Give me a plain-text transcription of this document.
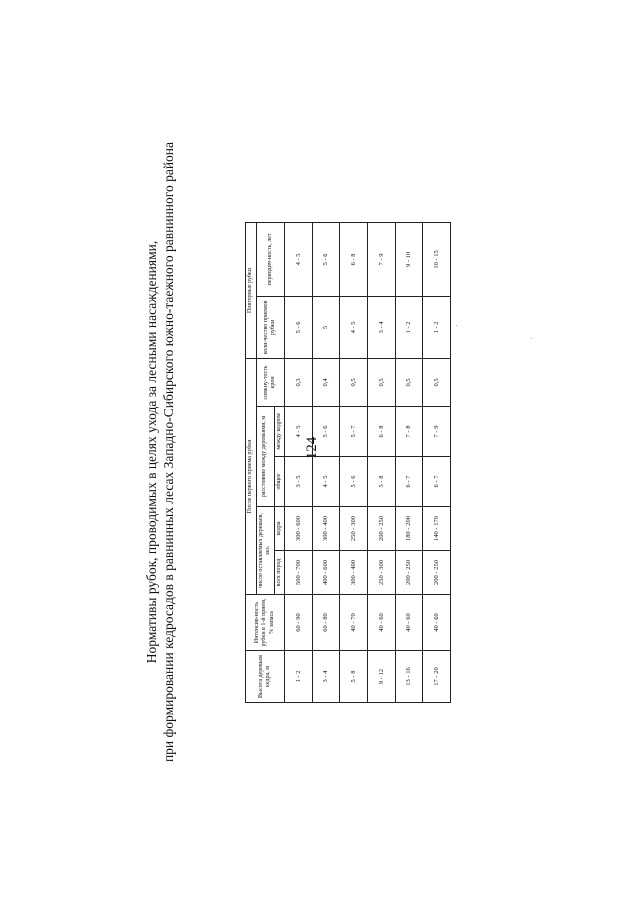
124
Нормативы рубок, проводимых в целях ухода за лесными насаждениями, при формировании кедросадов в равнинных лесах Западно-Сибирского южно-таежного равнинного района	Высота деревьев кедра, м	Интенсив-ность рубки в 1-й прием, % запаса	После первого приема рубки					Повторные рубки	
		число оставляемых деревьев, экз.		расстояние между деревьями, м		сомкну-тость крон	коли-чество приемов рубки	периодич-ность, лет
		всех пород	кедра	общее	между кедром			
1 - 2	60 - 90	500 - 700	300 - 600	3 - 5	4 - 5	0,3	5 - 6	4 - 5
3 - 4	60 - 80	400 - 600	300 - 400	4 - 5	5 - 6	0,4	5	5 - 6
5 - 8	40 - 70	300 - 400	250 - 300	5 - 6	5 - 7	0,5	4 - 5	6 - 8
9 - 12	40 - 60	250 - 300	200 - 250	5 - 8	6 - 8	0,5	3 - 4	7 - 9
13 - 16	40 - 60	200 - 250	180 - 200	6 - 7	7 - 8	0,5	1 - 2	9 - 10
17 - 20	40 - 60	200 - 250	140 - 170	6 - 7	7 - 9	0,5	1 - 2	10 - 15
